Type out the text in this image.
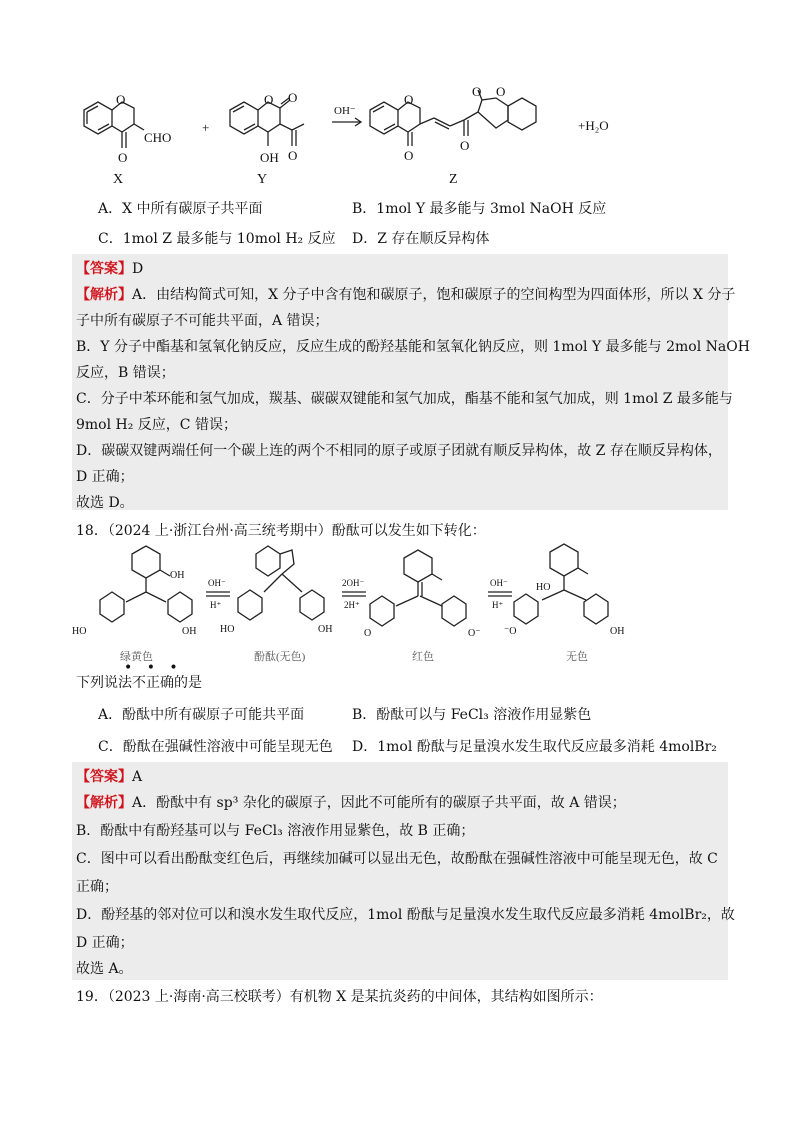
O
O
CHO
+
O O
OH O
OH⁻
O
O
O
O O
+H₂O
X	Y	Z
A．X 中所有碳原子共平面	B．1mol Y 最多能与 3mol NaOH 反应
C．1mol Z 最多能与 10mol H₂ 反应 D．Z 存在顺反异构体
【答案】D
【解析】A．由结构简式可知，X 分子中含有饱和碳原子，饱和碳原子的空间构型为四面体形，所以 X 分子
子中所有碳原子不可能共平面，A 错误；
B．Y 分子中酯基和氢氧化钠反应，反应生成的酚羟基能和氢氧化钠反应，则 1mol Y 最多能与 2mol NaOH
反应，B 错误；
C．分子中苯环能和氢气加成，羰基、碳碳双键能和氢气加成，酯基不能和氢气加成，则 1mol Z 最多能与
9mol H₂ 反应，C 错误；
D．碳碳双键两端任何一个碳上连的两个不相同的原子或原子团就有顺反异构体，故 Z 存在顺反异构体，
D 正确；
故选 D。
18．（2024 上·浙江台州·高三统考期中）酚酞可以发生如下转化：
OH
HO	OH
OH⁻
H⁺
HO	OH
2OH⁻
2H⁺
O	O⁻
OH⁻
H⁺
HO
⁻O	OH
绿黄色	酚酞(无色)	红色	无色
• • •
下列说法不正确的是
A．酚酞中所有碳原子可能共平面	B．酚酞可以与 FeCl₃ 溶液作用显紫色
C．酚酞在强碱性溶液中可能呈现无色 D．1mol 酚酞与足量溴水发生取代反应最多消耗 4molBr₂
【答案】A
【解析】A．酚酞中有 sp³ 杂化的碳原子，因此不可能所有的碳原子共平面，故 A 错误；
B．酚酞中有酚羟基可以与 FeCl₃ 溶液作用显紫色，故 B 正确；
C．图中可以看出酚酞变红色后，再继续加碱可以显出无色，故酚酞在强碱性溶液中可能呈现无色，故 C
正确；
D．酚羟基的邻对位可以和溴水发生取代反应，1mol 酚酞与足量溴水发生取代反应最多消耗 4molBr₂，故
D 正确；
故选 A。
19．（2023 上·海南·高三校联考）有机物 X 是某抗炎药的中间体，其结构如图所示：
